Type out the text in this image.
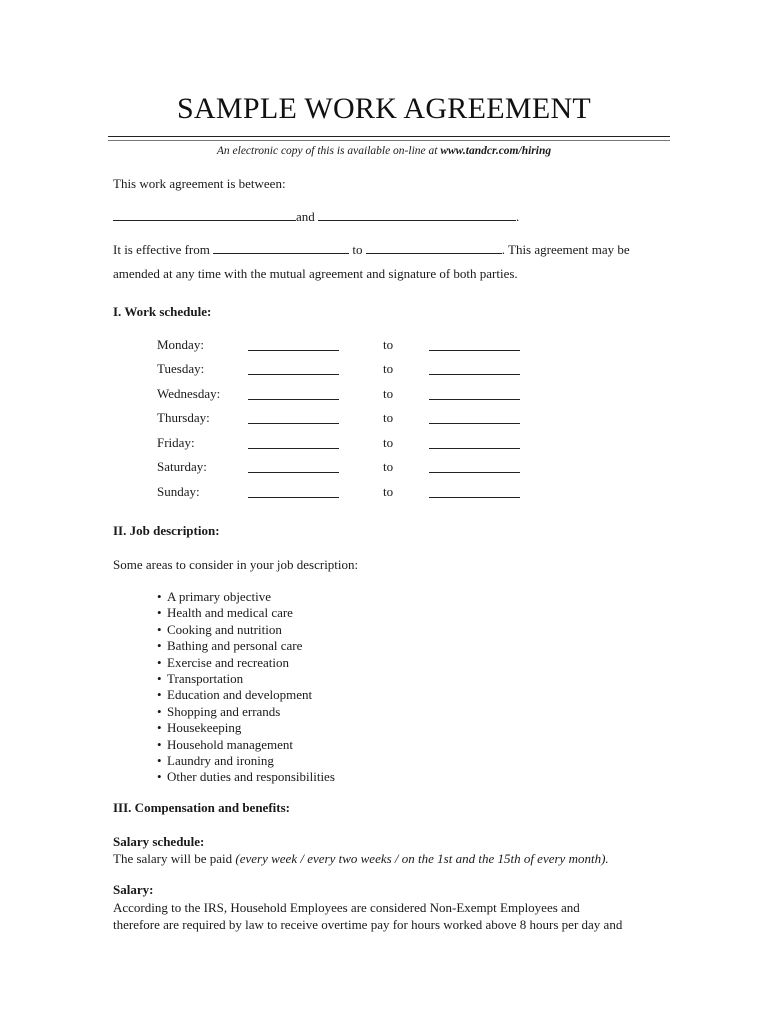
SAMPLE WORK AGREEMENT
An electronic copy of this is available on-line at www.tandcr.com/hiring
This work agreement is between:
and	.
It is effective from	to	. This agreement may be
amended at any time with the mutual agreement and signature of both parties.
I. Work schedule:
Monday:	to
Tuesday:	to
Wednesday:	to
Thursday:	to
Friday:	to
Saturday:	to
Sunday:	to
II. Job description:
Some areas to consider in your job description:
• A primary objective
• Health and medical care
• Cooking and nutrition
• Bathing and personal care
• Exercise and recreation
• Transportation
• Education and development
• Shopping and errands
• Housekeeping
• Household management
• Laundry and ironing
• Other duties and responsibilities
III. Compensation and benefits:
Salary schedule:
The salary will be paid (every week / every two weeks / on the 1st and the 15th of every month).
Salary:
According to the IRS, Household Employees are considered Non-Exempt Employees and
therefore are required by law to receive overtime pay for hours worked above 8 hours per day and
